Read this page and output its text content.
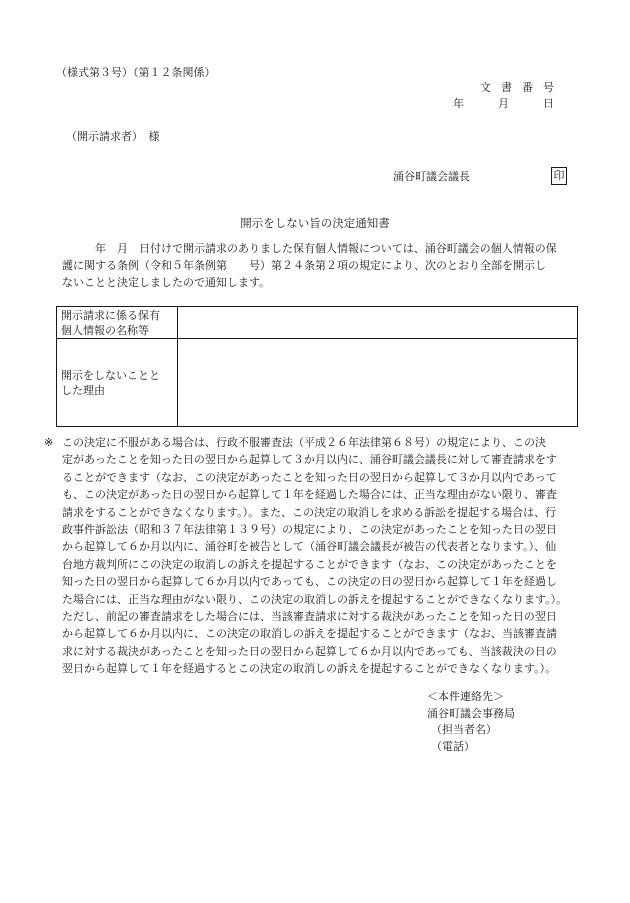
（様式第３号）（第１２条関係）
文書番号
年	月	日
（開示請求者）　様
涌谷町議会議長	印
開示をしない旨の決定通知書
　　　年　月　日付けで開示請求のありました保有個人情報については、涌谷町議会の個人情報の保
護に関する条例（令和５年条例第　　号）第２４条第２項の規定により、次のとおり全部を開示し
ないことと決定しましたので通知します。
開示請求に係る保有
個人情報の名称等	

開示をしないことと
した理由	

※ この決定に不服がある場合は、行政不服審査法（平成２６年法律第６８号）の規定により、この決
定があったことを知った日の翌日から起算して３か月以内に、涌谷町議会議長に対して審査請求をす
ることができます（なお、この決定があったことを知った日の翌日から起算して３か月以内であって
も、この決定があった日の翌日から起算して１年を経過した場合には、正当な理由がない限り、審査
請求をすることができなくなります。）。また、この決定の取消しを求める訴訟を提起する場合は、行
政事件訴訟法（昭和３７年法律第１３９号）の規定により、この決定があったことを知った日の翌日
から起算して６か月以内に、涌谷町を被告として（涌谷町議会議長が被告の代表者となります。）、仙
台地方裁判所にこの決定の取消しの訴えを提起することができます（なお、この決定があったことを
知った日の翌日から起算して６か月以内であっても、この決定の日の翌日から起算して１年を経過し
た場合には、正当な理由がない限り、この決定の取消しの訴えを提起することができなくなります。）。
ただし、前記の審査請求をした場合には、当該審査請求に対する裁決があったことを知った日の翌日
から起算して６か月以内に、この決定の取消しの訴えを提起することができます（なお、当該審査請
求に対する裁決があったことを知った日の翌日から起算して６か月以内であっても、当該裁決の日の
翌日から起算して１年を経過するとこの決定の取消しの訴えを提起することができなくなります。）。
＜本件連絡先＞
涌谷町議会事務局
（担当者名）
（電話）
